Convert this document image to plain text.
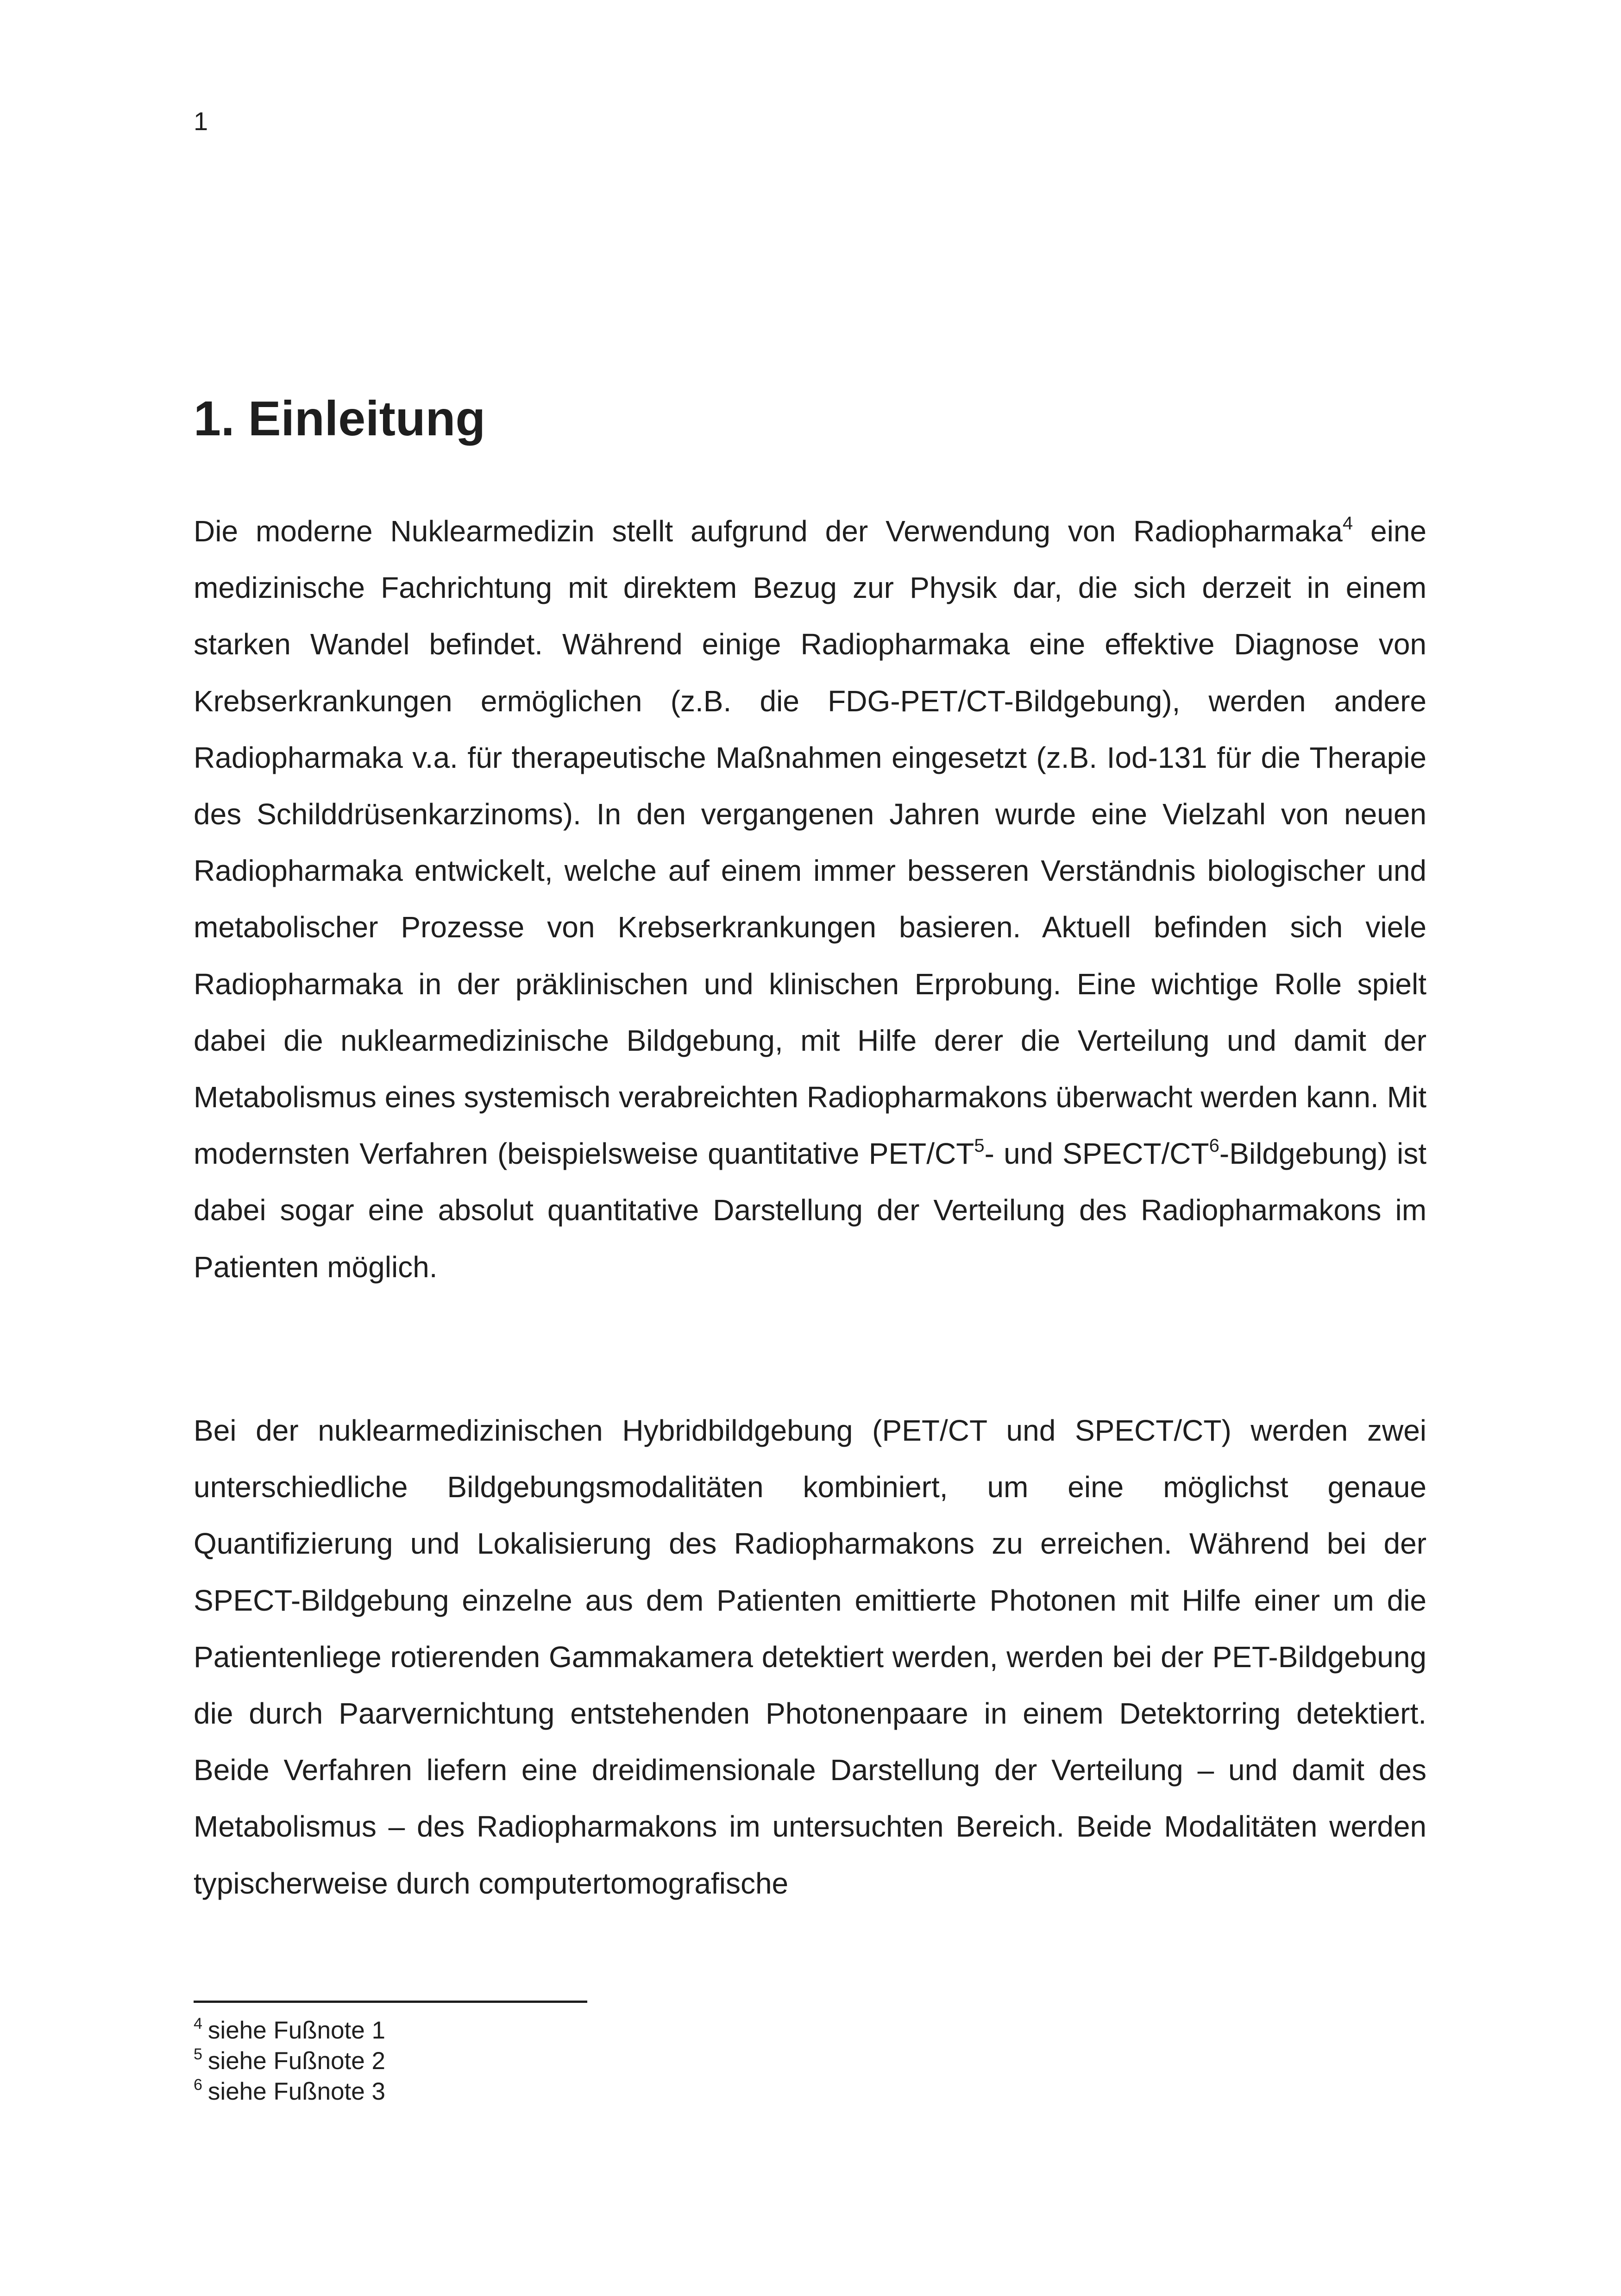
1
1. Einleitung

Die moderne Nuklearmedizin stellt aufgrund der Verwendung von Radiopharmaka$^4$ eine medizinische Fachrichtung mit direktem Bezug zur Physik dar, die sich derzeit in einem starken Wandel befindet. Während einige Radiopharmaka eine effektive Diagnose von Krebserkrankungen ermöglichen (z.B. die FDG-PET/CT-Bildgebung), werden andere Radiopharmaka v.a. für therapeutische Maßnahmen eingesetzt (z.B. Iod-131 für die Therapie des Schilddrüsenkarzinoms). In den vergangenen Jahren wurde eine Vielzahl von neuen Radiopharmaka entwickelt, welche auf einem immer besseren Verständnis biologischer und metabolischer Prozesse von Krebserkrankungen basieren. Aktuell befinden sich viele Radiopharmaka in der präklinischen und klinischen Erprobung. Eine wichtige Rolle spielt dabei die nuklearmedizinische Bildgebung, mit Hilfe derer die Verteilung und damit der Metabolismus eines systemisch verabreichten Radiopharmakons überwacht werden kann. Mit modernsten Verfahren (beispielsweise quantitative PET/$CT^5-$ und SPECT/$CT^6-Bildgebung$) ist dabei sogar eine absolut quantitative Darstellung der Verteilung des Radiopharmakons im Patienten möglich.

Bei der nuklearmedizinischen Hybridbildgebung (PET/CT und SPECT/CT) werden zwei unterschiedliche Bildgebungsmodalitäten kombiniert, um eine möglichst genaue Quantifizierung und Lokalisierung des Radiopharmakons zu erreichen. Während bei der SPECT-Bildgebung einzelne aus dem Patienten emittierte Photonen mit Hilfe einer um die Patientenliege rotierenden Gammakamera detektiert werden, werden bei der PET-Bildgebung die durch Paarvernichtung entstehenden Photonenpaare in einem Detektorring detektiert. Beide Verfahren liefern eine dreidimensionale Darstellung der Verteilung – und damit des Metabolismus – des Radiopharmakons im untersuchten Bereich. Beide Modalitäten werden typischerweise durch computertomografische

$^4$ siehe Fußnote 1
$^5$ siehe Fußnote 2
$^6$ siehe Fußnote 3
